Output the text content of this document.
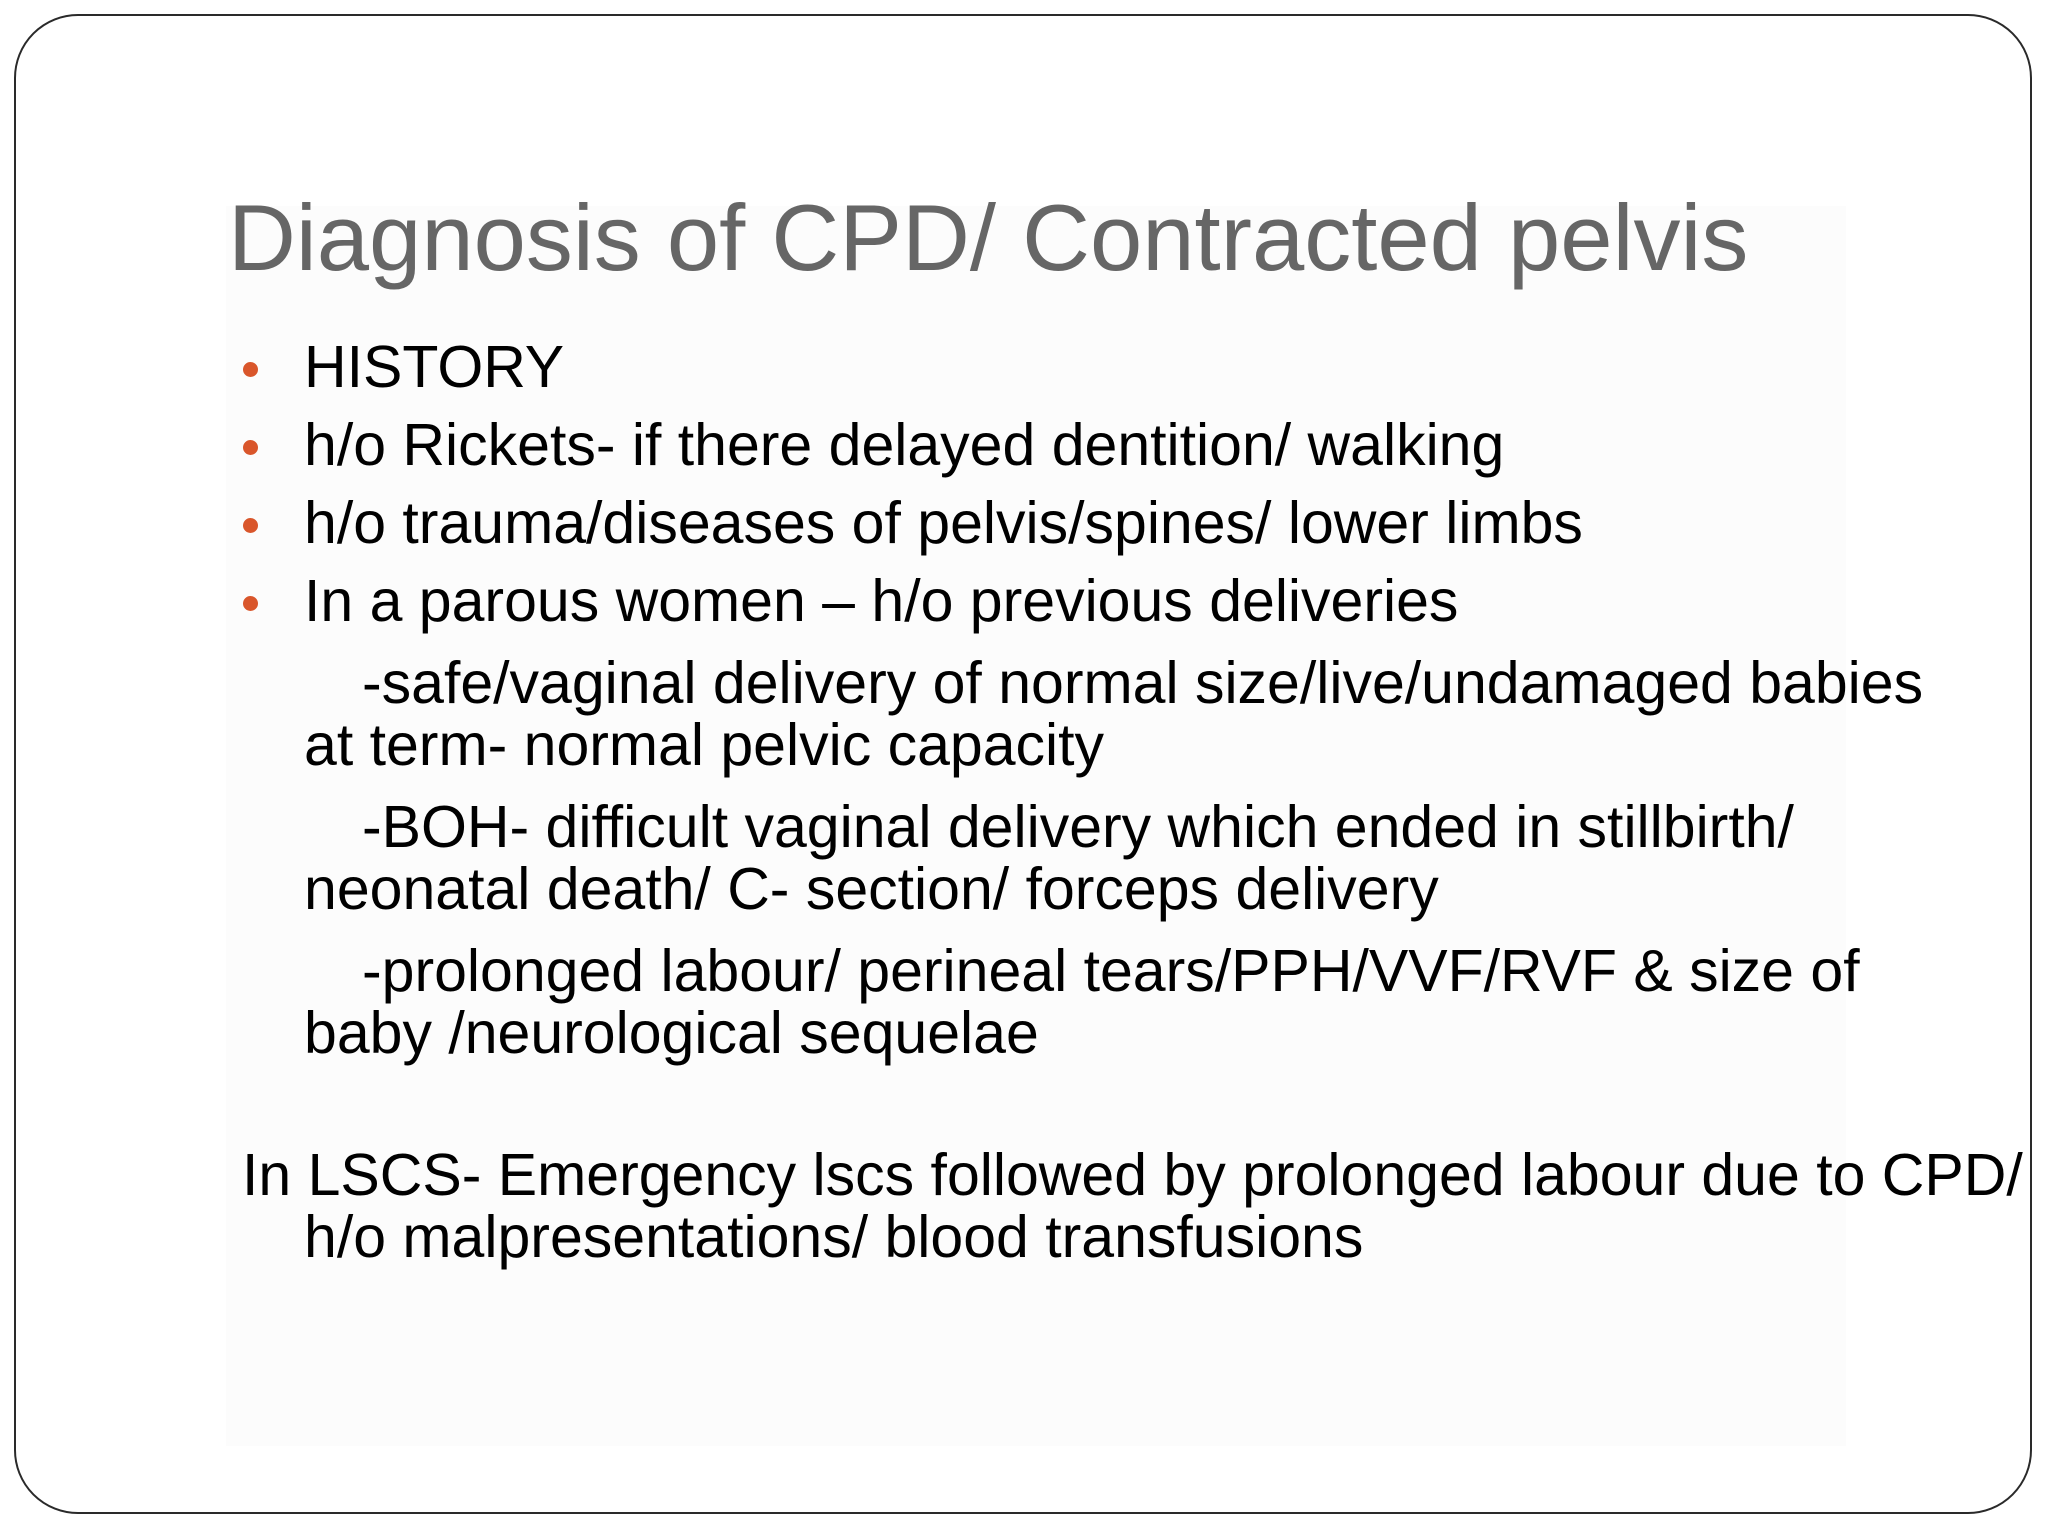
Diagnosis of CPD/ Contracted pelvis
HISTORY
h/o Rickets- if there delayed dentition/ walking
h/o trauma/diseases of pelvis/spines/ lower limbs
In a parous women – h/o previous deliveries
-safe/vaginal delivery of normal size/live/undamaged babies at term- normal pelvic capacity
-BOH- difficult vaginal delivery which ended in stillbirth/ neonatal death/ C- section/ forceps delivery
-prolonged labour/ perineal tears/PPH/VVF/RVF & size of baby /neurological sequelae
In LSCS- Emergency lscs followed by prolonged labour due to CPD/ h/o malpresentations/ blood transfusions
